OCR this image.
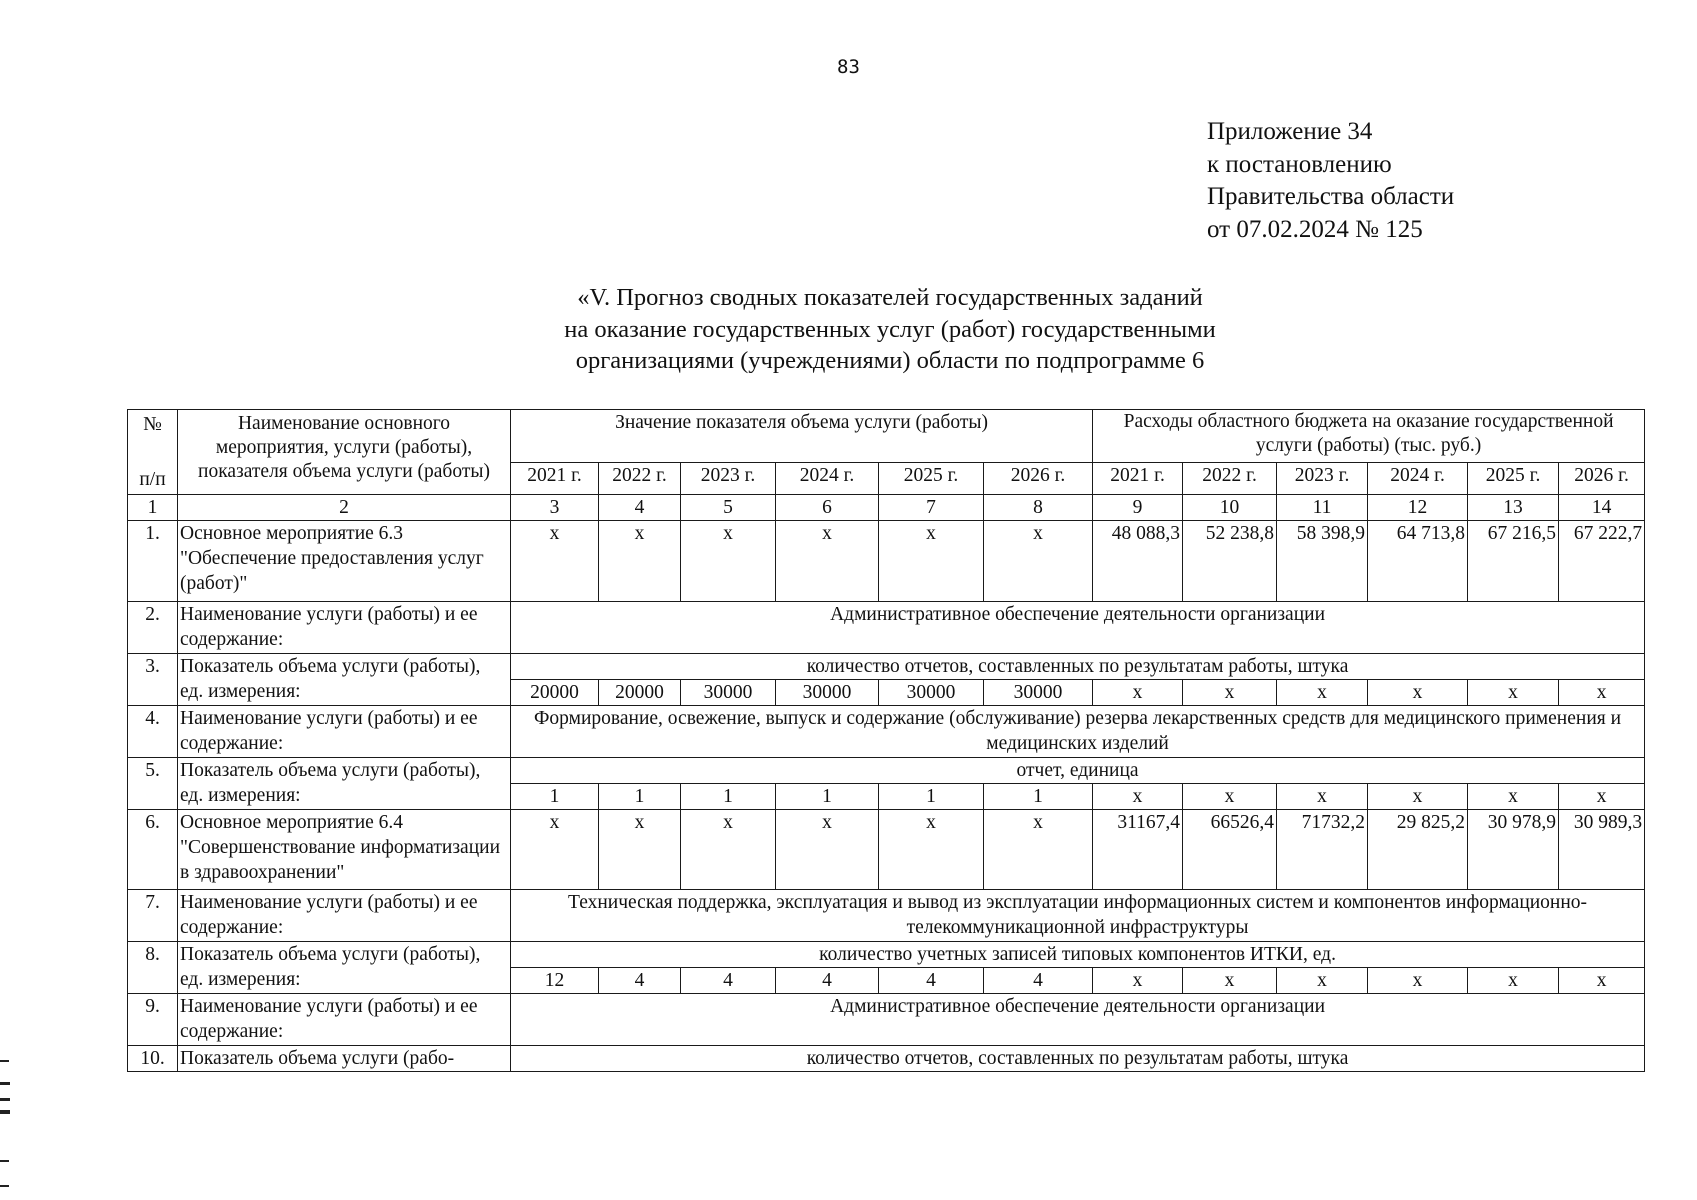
83
Приложение 34
к постановлению
Правительства области
от 07.02.2024 № 125
«V. Прогноз сводных показателей государственных заданий
на оказание государственных услуг (работ) государственными
организациями (учреждениями) области по подпрограмме 6
№
п/п	Наименование основного мероприятия, услуги (работы), показателя объема услуги (работы)	Значение показателя объема услуги (работы)						Расходы областного бюджета на оказание государственной услуги (работы) (тыс. руб.)					
		2021 г.	2022 г.	2023 г.	2024 г.	2025 г.	2026 г.	2021 г.	2022 г.	2023 г.	2024 г.	2025 г.	2026 г.
1	2	3	4	5	6	7	8	9	10	11	12	13	14
1.	Основное мероприятие 6.3 "Обеспечение предоставления услуг (работ)"	х	х	х	х	х	х	48 088,3	52 238,8	58 398,9	64 713,8	67 216,5	67 222,7
2.	Наименование услуги (работы) и ее содержание:	Административное обеспечение деятельности организации											
3.	Показатель объема услуги (работы), ед. измерения:	количество отчетов, составленных по результатам работы, штука											
		20000	20000	30000	30000	30000	30000	х	х	х	х	х	х
4.	Наименование услуги (работы) и ее содержание:	Формирование, освежение, выпуск и содержание (обслуживание) резерва лекарственных средств для медицинского применения и медицинских изделий											
5.	Показатель объема услуги (работы), ед. измерения:	отчет, единица											
		1	1	1	1	1	1	х	х	х	х	х	х
6.	Основное мероприятие 6.4 "Совершенствование информатизации в здравоохранении"	х	х	х	х	х	х	31167,4	66526,4	71732,2	29 825,2	30 978,9	30 989,3
7.	Наименование услуги (работы) и ее содержание:	Техническая поддержка, эксплуатация и вывод из эксплуатации информационных систем и компонентов информационно-телекоммуникационной инфраструктуры											
8.	Показатель объема услуги (работы), ед. измерения:	количество учетных записей типовых компонентов ИТКИ, ед.											
		12	4	4	4	4	4	х	х	х	х	х	х
9.	Наименование услуги (работы) и ее содержание:	Административное обеспечение деятельности организации											
10.	Показатель объема услуги (рабо-	количество отчетов, составленных по результатам работы, штука											
